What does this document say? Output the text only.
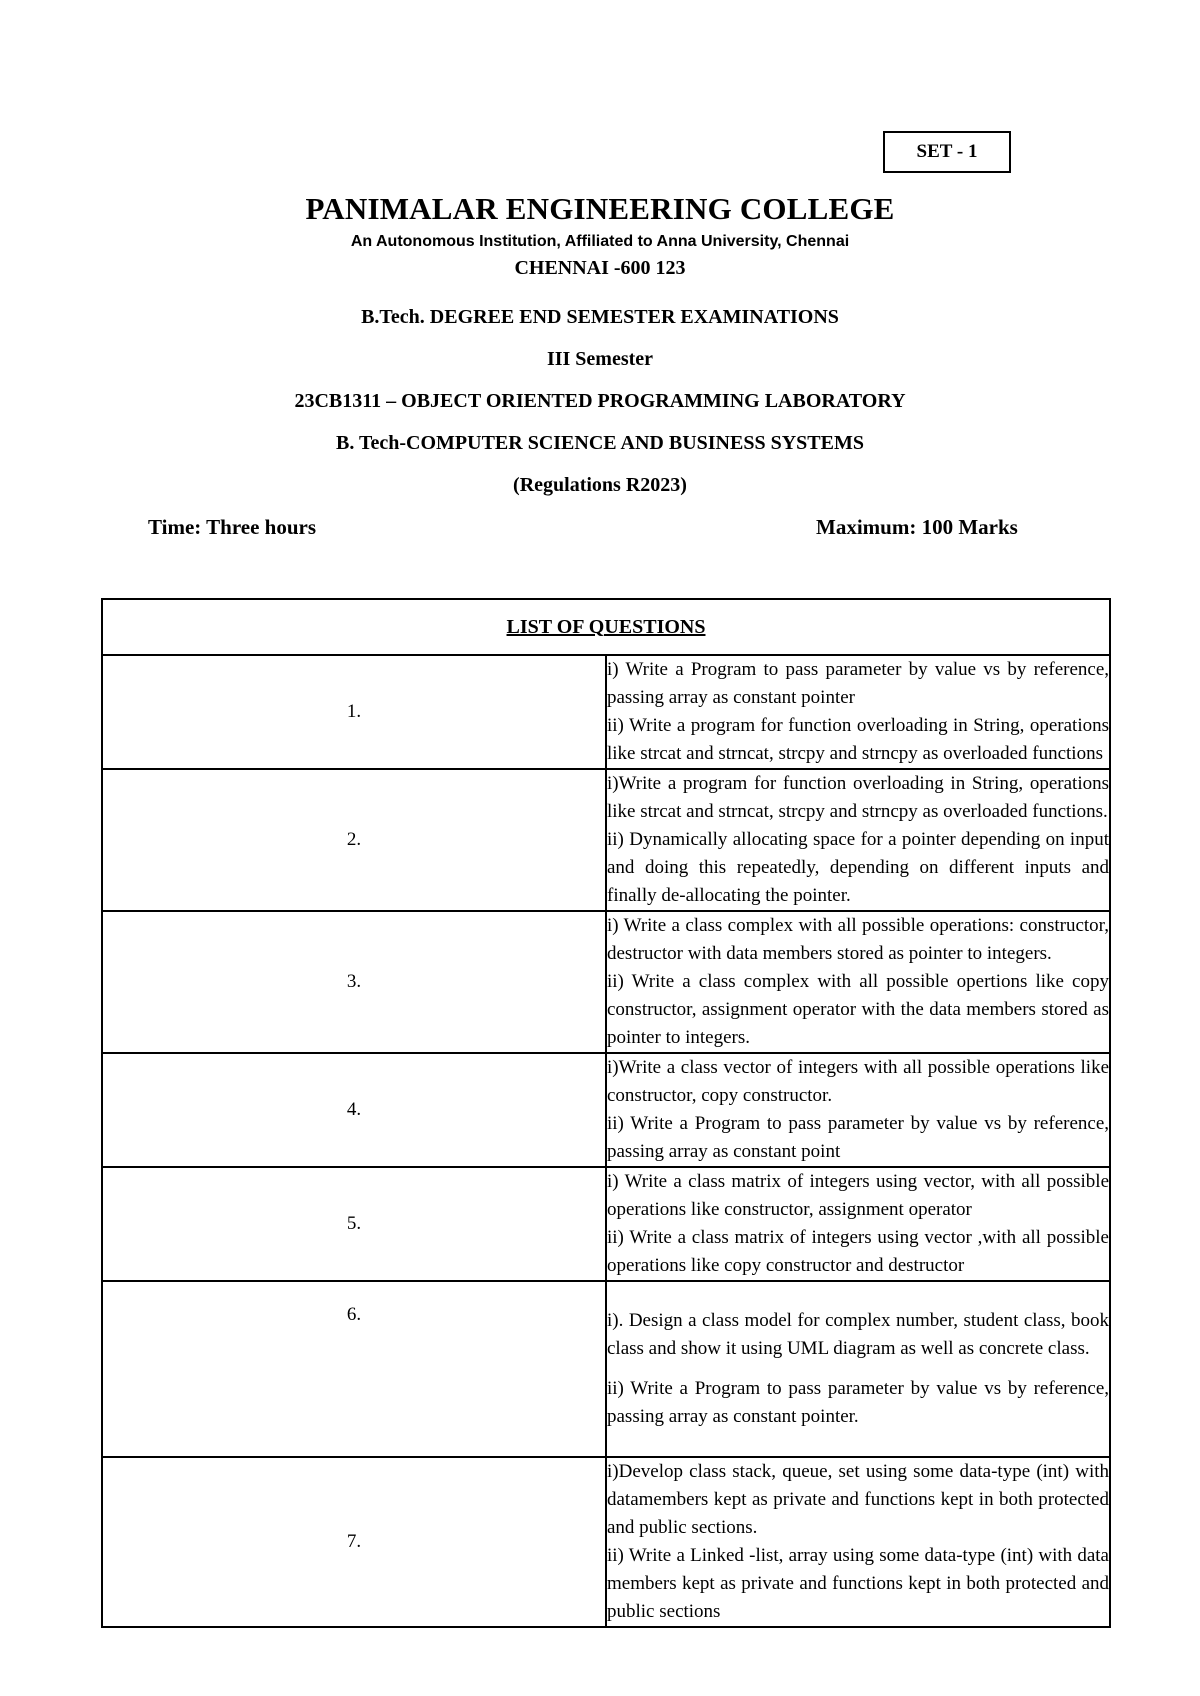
SET - 1
PANIMALAR ENGINEERING COLLEGE
An Autonomous Institution, Affiliated to Anna University, Chennai
CHENNAI -600 123
B.Tech. DEGREE END SEMESTER EXAMINATIONS
III Semester
23CB1311 – OBJECT ORIENTED PROGRAMMING LABORATORY
B. Tech-COMPUTER SCIENCE AND BUSINESS SYSTEMS
(Regulations R2023)
Time: Three hours	Maximum: 100 Marks
LIST OF QUESTIONS	
1.	i) Write a Program to pass parameter by value vs by reference, passing array as constant pointer

ii) Write a program for function overloading in String, operations like strcat and strncat, strcpy and strncpy as overloaded functions

2.	i)Write a program for function overloading in String, operations like strcat and strncat, strcpy and strncpy as overloaded functions.

ii) Dynamically allocating space for a pointer depending on input and doing this repeatedly, depending on different inputs and finally de-allocating the pointer.

3.	i) Write a class complex with all possible operations: constructor, destructor with data members stored as pointer to integers.

ii) Write a class complex with all possible opertions like copy constructor, assignment operator with the data members stored as pointer to integers.

4.	i)Write a class vector of integers with all possible operations like constructor, copy constructor.

ii) Write a Program to pass parameter by value vs by reference, passing array as constant point

5.	i) Write a class matrix of integers using vector, with all possible operations like constructor, assignment operator

ii) Write a class matrix of integers using vector ,with all possible operations like copy constructor and destructor

6.	i). Design a class model for complex number, student class, book class and show it using UML diagram as well as concrete class.

ii) Write a Program to pass parameter by value vs by reference, passing array as constant pointer.

7.	i)Develop class stack, queue, set using some data-type (int) with datamembers kept as private and functions kept in both protected and public sections.

ii) Write a Linked -list, array using some data-type (int) with data members kept as private and functions kept in both protected and public sections
